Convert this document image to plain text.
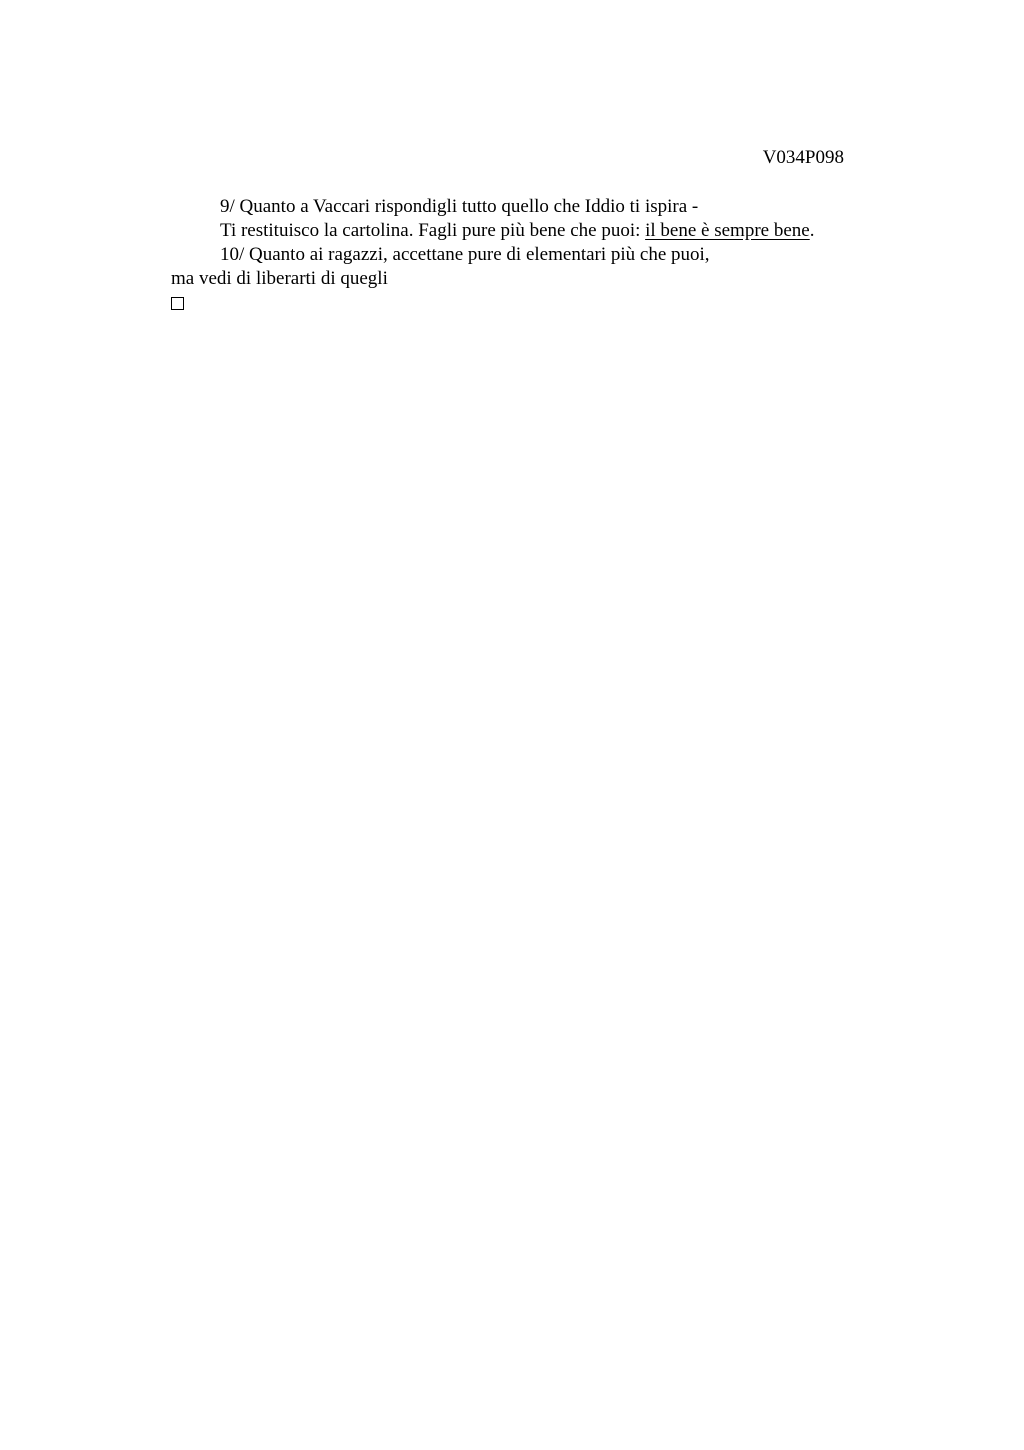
V034P098
9/ Quanto a Vaccari rispondigli tutto quello che Iddio ti ispira -
Ti restituisco la cartolina. Fagli pure più bene che puoi: il bene è sempre bene.
10/ Quanto ai ragazzi, accettane pure di elementari più che puoi,
ma vedi di liberarti di quegli
